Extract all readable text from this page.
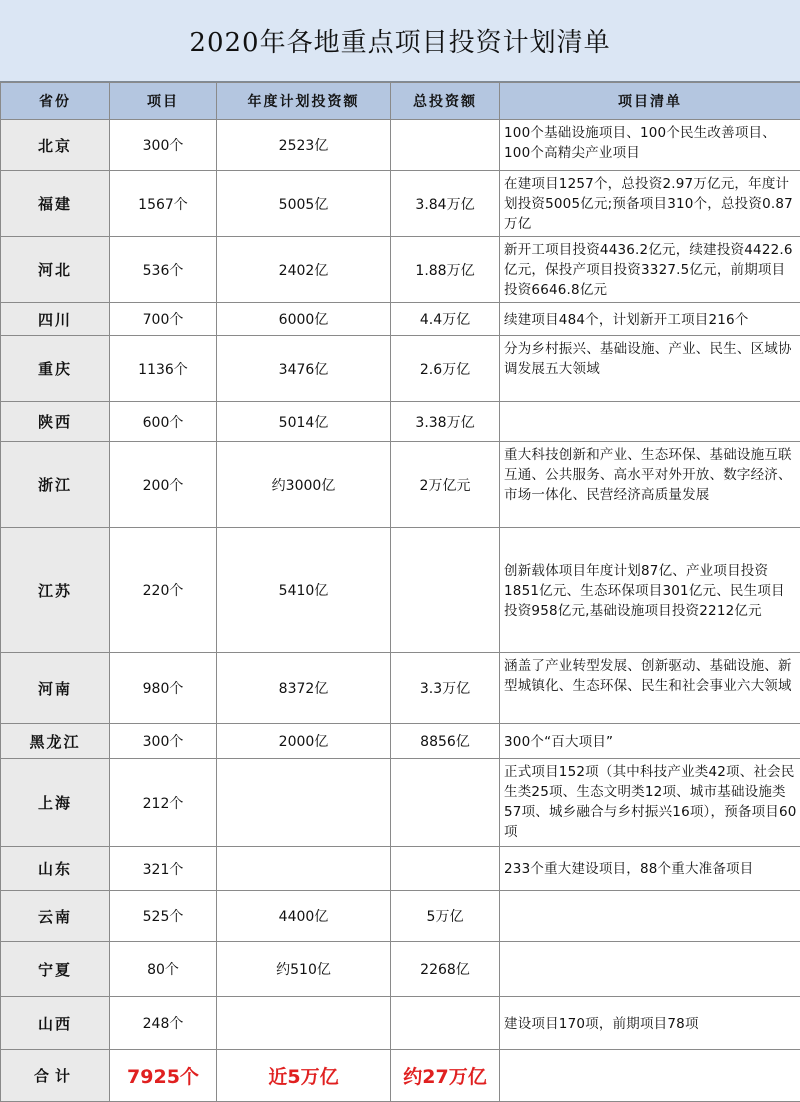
2020年各地重点项目投资计划清单
省份	项目	年度计划投资额	总投资额	项目清单
北京	300个	2523亿		100个基础设施项目、100个民生改善项目、100个高精尖产业项目
福建	1567个	5005亿	3.84万亿	在建项目1257个，总投资2.97万亿元，年度计划投资5005亿元;预备项目310个，总投资0.87万亿
河北	536个	2402亿	1.88万亿	新开工项目投资4436.2亿元，续建投资4422.6亿元，保投产项目投资3327.5亿元，前期项目投资6646.8亿元
四川	700个	6000亿	4.4万亿	续建项目484个，计划新开工项目216个
重庆	1136个	3476亿	2.6万亿	分为乡村振兴、基础设施、产业、民生、区域协调发展五大领域
陕西	600个	5014亿	3.38万亿	
浙江	200个	约3000亿	2万亿元	重大科技创新和产业、生态环保、基础设施互联互通、公共服务、高水平对外开放、数字经济、市场一体化、民营经济高质量发展
江苏	220个	5410亿		创新载体项目年度计划87亿、产业项目投资1851亿元、生态环保项目301亿元、民生项目投资958亿元,基础设施项目投资2212亿元
河南	980个	8372亿	3.3万亿	涵盖了产业转型发展、创新驱动、基础设施、新型城镇化、生态环保、民生和社会事业六大领域
黑龙江	300个	2000亿	8856亿	300个“百大项目”
上海	212个			正式项目152项（其中科技产业类42项、社会民生类25项、生态文明类12项、城市基础设施类57项、城乡融合与乡村振兴16项），预备项目60项
山东	321个			233个重大建设项目，88个重大准备项目
云南	525个	4400亿	5万亿	
宁夏	80个	约510亿	2268亿	
山西	248个			建设项目170项，前期项目78项
合计	7925个	近5万亿	约27万亿	
